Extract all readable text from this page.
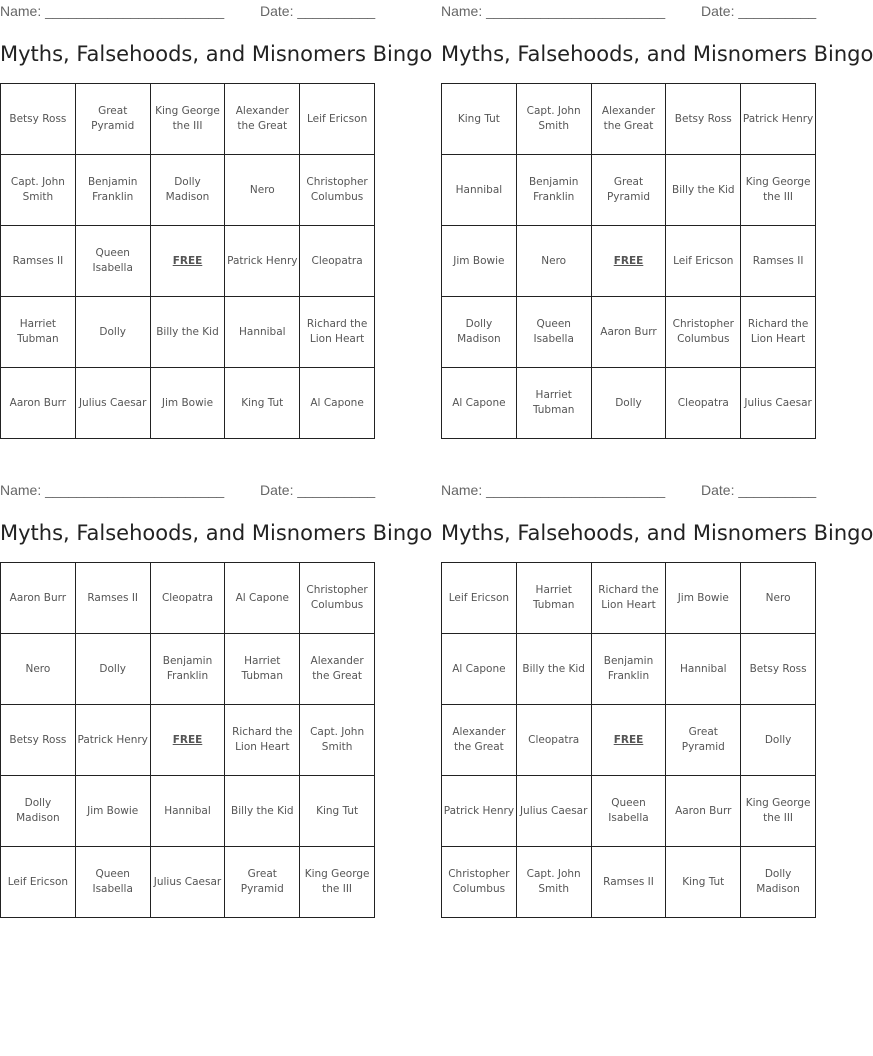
Name: _______________________	Date: __________
Myths, Falsehoods, and Misnomers Bingo
Betsy Ross	Great Pyramid	King George the III	Alexander the Great	Leif Ericson
Capt. John Smith	Benjamin Franklin	Dolly Madison	Nero	Christopher Columbus
Ramses II	Queen Isabella	FREE	Patrick Henry	Cleopatra
Harriet Tubman	Dolly	Billy the Kid	Hannibal	Richard the Lion Heart
Aaron Burr	Julius Caesar	Jim Bowie	King Tut	Al Capone
Name: _______________________	Date: __________
Myths, Falsehoods, and Misnomers Bingo
King Tut	Capt. John Smith	Alexander the Great	Betsy Ross	Patrick Henry
Hannibal	Benjamin Franklin	Great Pyramid	Billy the Kid	King George the III
Jim Bowie	Nero	FREE	Leif Ericson	Ramses II
Dolly Madison	Queen Isabella	Aaron Burr	Christopher Columbus	Richard the Lion Heart
Al Capone	Harriet Tubman	Dolly	Cleopatra	Julius Caesar
Name: _______________________	Date: __________
Myths, Falsehoods, and Misnomers Bingo
Aaron Burr	Ramses II	Cleopatra	Al Capone	Christopher Columbus
Nero	Dolly	Benjamin Franklin	Harriet Tubman	Alexander the Great
Betsy Ross	Patrick Henry	FREE	Richard the Lion Heart	Capt. John Smith
Dolly Madison	Jim Bowie	Hannibal	Billy the Kid	King Tut
Leif Ericson	Queen Isabella	Julius Caesar	Great Pyramid	King George the III
Name: _______________________	Date: __________
Myths, Falsehoods, and Misnomers Bingo
Leif Ericson	Harriet Tubman	Richard the Lion Heart	Jim Bowie	Nero
Al Capone	Billy the Kid	Benjamin Franklin	Hannibal	Betsy Ross
Alexander the Great	Cleopatra	FREE	Great Pyramid	Dolly
Patrick Henry	Julius Caesar	Queen Isabella	Aaron Burr	King George the III
Christopher Columbus	Capt. John Smith	Ramses II	King Tut	Dolly Madison
